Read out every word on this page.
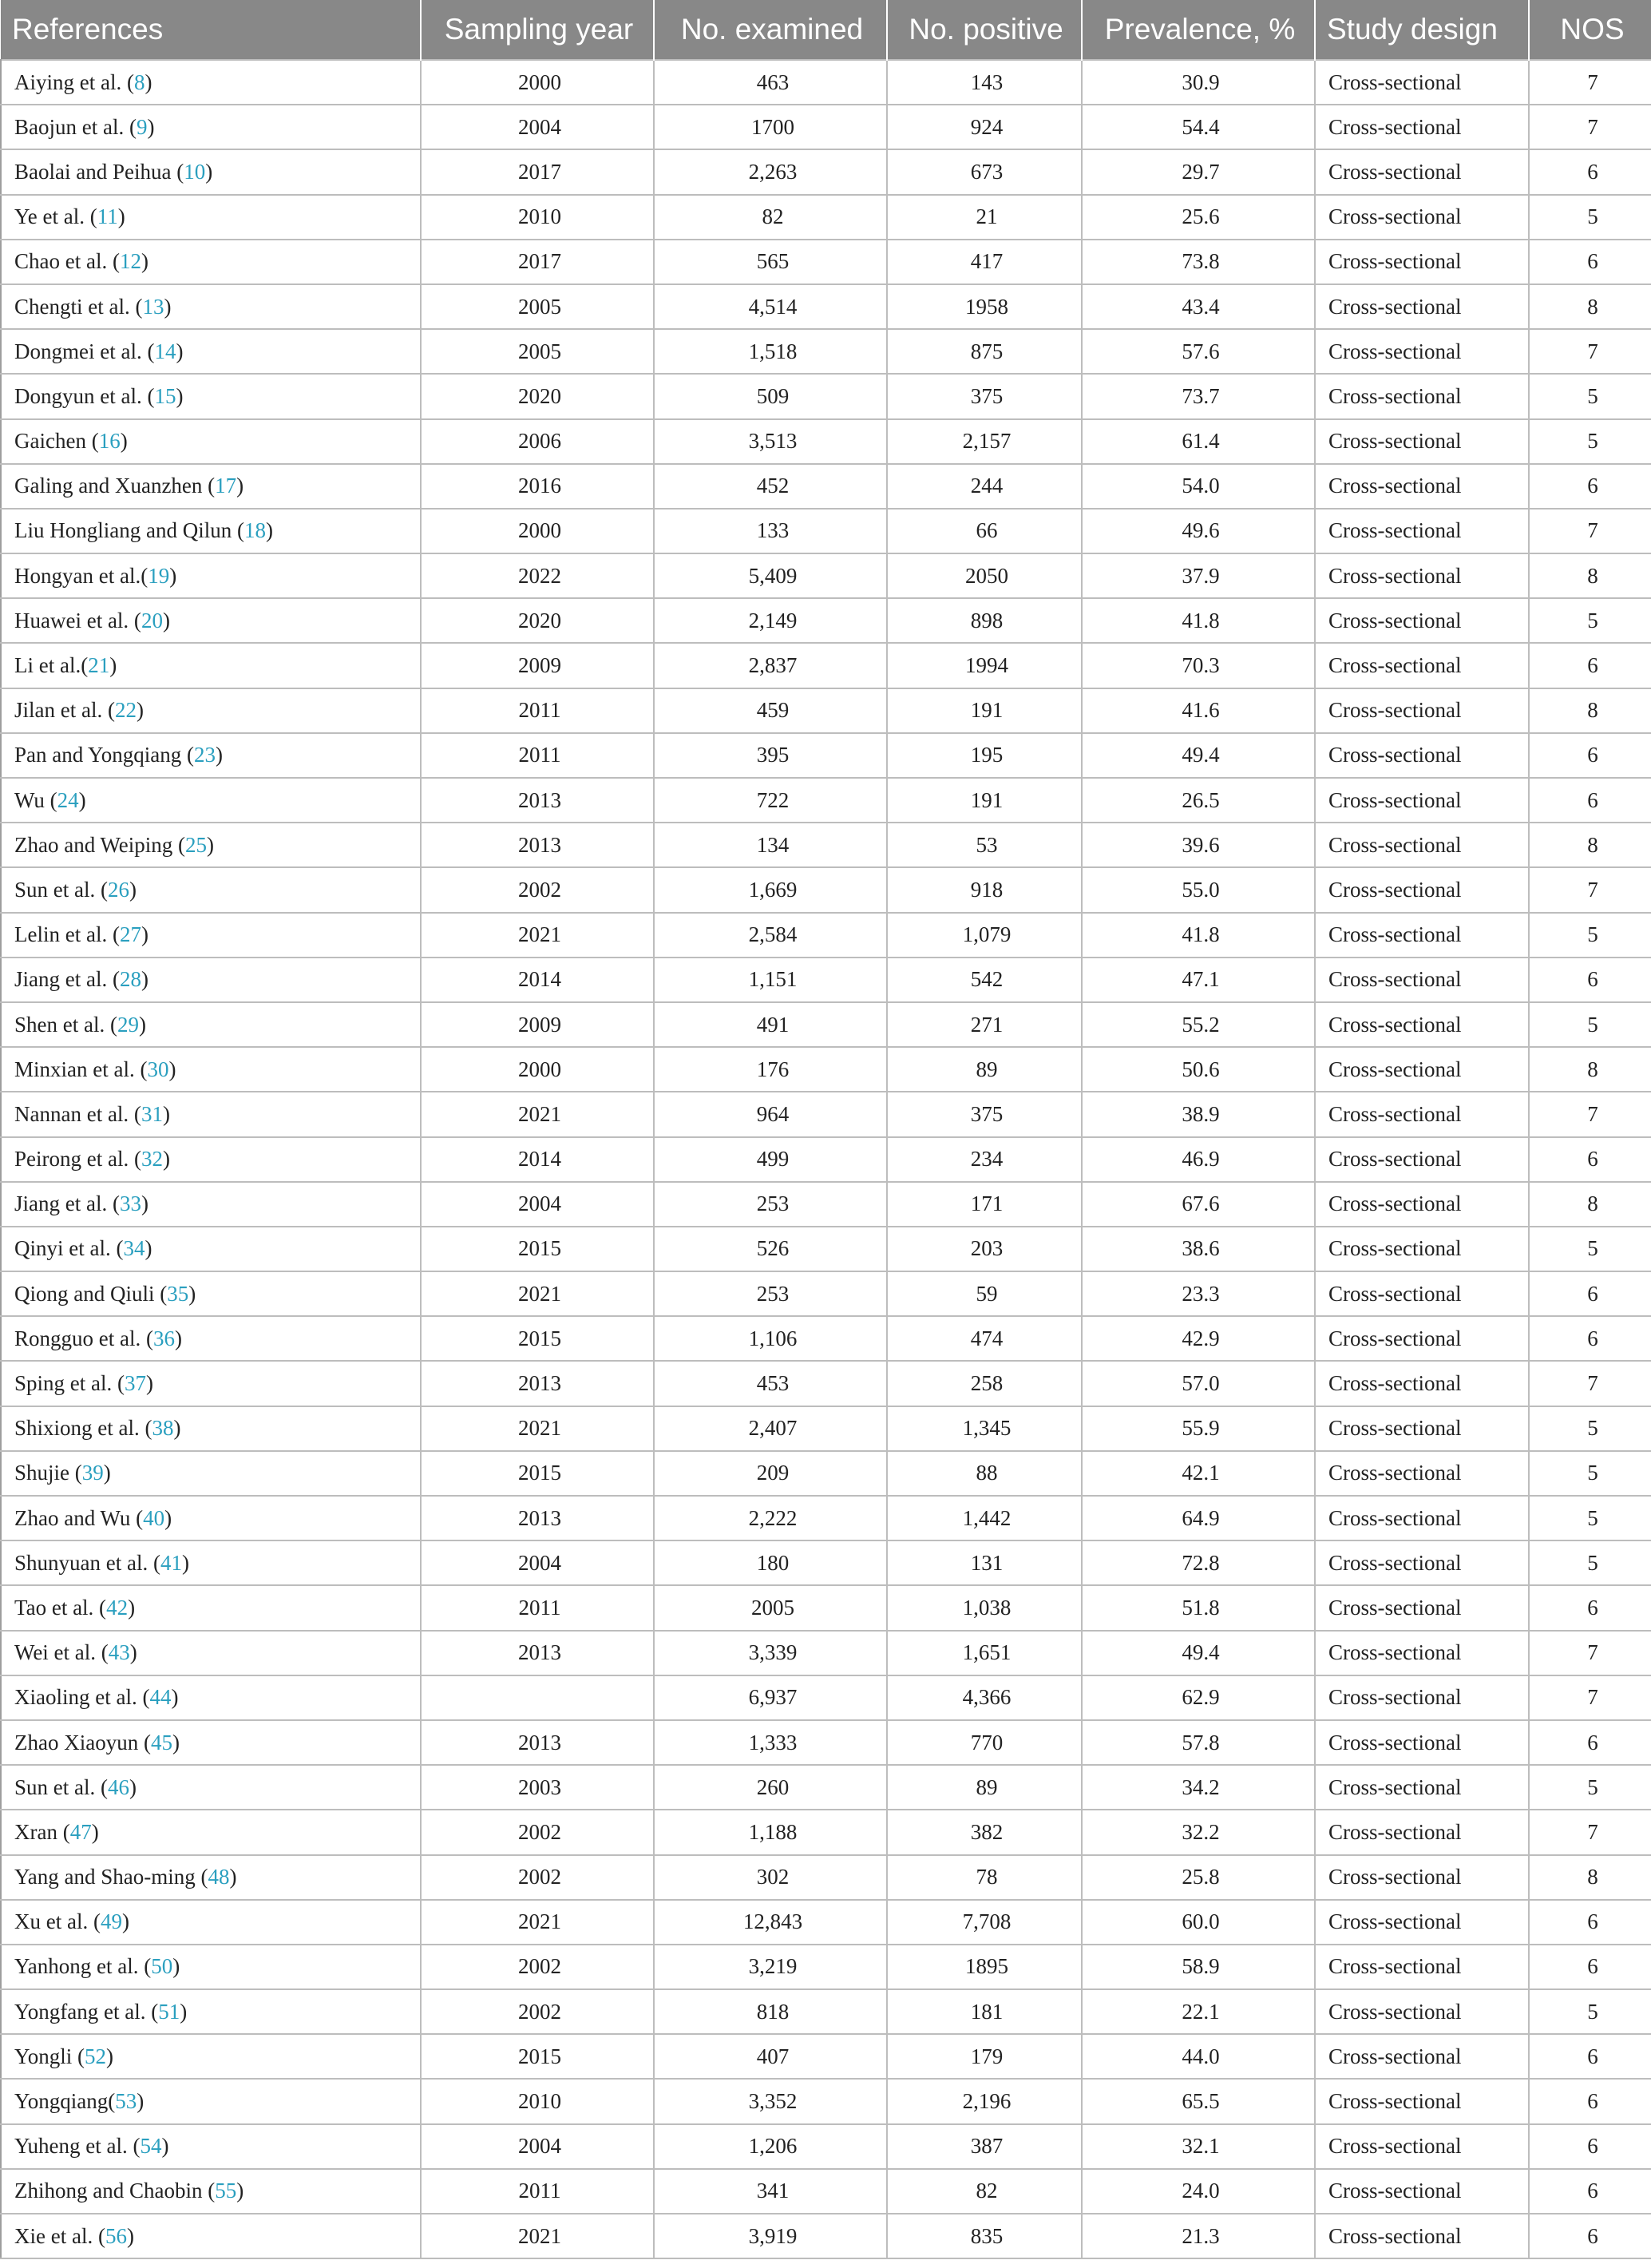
References	Sampling year	No. examined	No. positive	Prevalence, %	Study design	NOS
Aiying et al. (8)	2000	463	143	30.9	Cross-sectional	7
Baojun et al. (9)	2004	1700	924	54.4	Cross-sectional	7
Baolai and Peihua (10)	2017	2,263	673	29.7	Cross-sectional	6
Ye et al. (11)	2010	82	21	25.6	Cross-sectional	5
Chao et al. (12)	2017	565	417	73.8	Cross-sectional	6
Chengti et al. (13)	2005	4,514	1958	43.4	Cross-sectional	8
Dongmei et al. (14)	2005	1,518	875	57.6	Cross-sectional	7
Dongyun et al. (15)	2020	509	375	73.7	Cross-sectional	5
Gaichen (16)	2006	3,513	2,157	61.4	Cross-sectional	5
Galing and Xuanzhen (17)	2016	452	244	54.0	Cross-sectional	6
Liu Hongliang and Qilun (18)	2000	133	66	49.6	Cross-sectional	7
Hongyan et al.(19)	2022	5,409	2050	37.9	Cross-sectional	8
Huawei et al. (20)	2020	2,149	898	41.8	Cross-sectional	5
Li et al.(21)	2009	2,837	1994	70.3	Cross-sectional	6
Jilan et al. (22)	2011	459	191	41.6	Cross-sectional	8
Pan and Yongqiang (23)	2011	395	195	49.4	Cross-sectional	6
Wu (24)	2013	722	191	26.5	Cross-sectional	6
Zhao and Weiping (25)	2013	134	53	39.6	Cross-sectional	8
Sun et al. (26)	2002	1,669	918	55.0	Cross-sectional	7
Lelin et al. (27)	2021	2,584	1,079	41.8	Cross-sectional	5
Jiang et al. (28)	2014	1,151	542	47.1	Cross-sectional	6
Shen et al. (29)	2009	491	271	55.2	Cross-sectional	5
Minxian et al. (30)	2000	176	89	50.6	Cross-sectional	8
Nannan et al. (31)	2021	964	375	38.9	Cross-sectional	7
Peirong et al. (32)	2014	499	234	46.9	Cross-sectional	6
Jiang et al. (33)	2004	253	171	67.6	Cross-sectional	8
Qinyi et al. (34)	2015	526	203	38.6	Cross-sectional	5
Qiong and Qiuli (35)	2021	253	59	23.3	Cross-sectional	6
Rongguo et al. (36)	2015	1,106	474	42.9	Cross-sectional	6
Sping et al. (37)	2013	453	258	57.0	Cross-sectional	7
Shixiong et al. (38)	2021	2,407	1,345	55.9	Cross-sectional	5
Shujie (39)	2015	209	88	42.1	Cross-sectional	5
Zhao and Wu (40)	2013	2,222	1,442	64.9	Cross-sectional	5
Shunyuan et al. (41)	2004	180	131	72.8	Cross-sectional	5
Tao et al. (42)	2011	2005	1,038	51.8	Cross-sectional	6
Wei et al. (43)	2013	3,339	1,651	49.4	Cross-sectional	7
Xiaoling et al. (44)		6,937	4,366	62.9	Cross-sectional	7
Zhao Xiaoyun (45)	2013	1,333	770	57.8	Cross-sectional	6
Sun et al. (46)	2003	260	89	34.2	Cross-sectional	5
Xran (47)	2002	1,188	382	32.2	Cross-sectional	7
Yang and Shao-ming (48)	2002	302	78	25.8	Cross-sectional	8
Xu et al. (49)	2021	12,843	7,708	60.0	Cross-sectional	6
Yanhong et al. (50)	2002	3,219	1895	58.9	Cross-sectional	6
Yongfang et al. (51)	2002	818	181	22.1	Cross-sectional	5
Yongli (52)	2015	407	179	44.0	Cross-sectional	6
Yongqiang(53)	2010	3,352	2,196	65.5	Cross-sectional	6
Yuheng et al. (54)	2004	1,206	387	32.1	Cross-sectional	6
Zhihong and Chaobin (55)	2011	341	82	24.0	Cross-sectional	6
Xie et al. (56)	2021	3,919	835	21.3	Cross-sectional	6
